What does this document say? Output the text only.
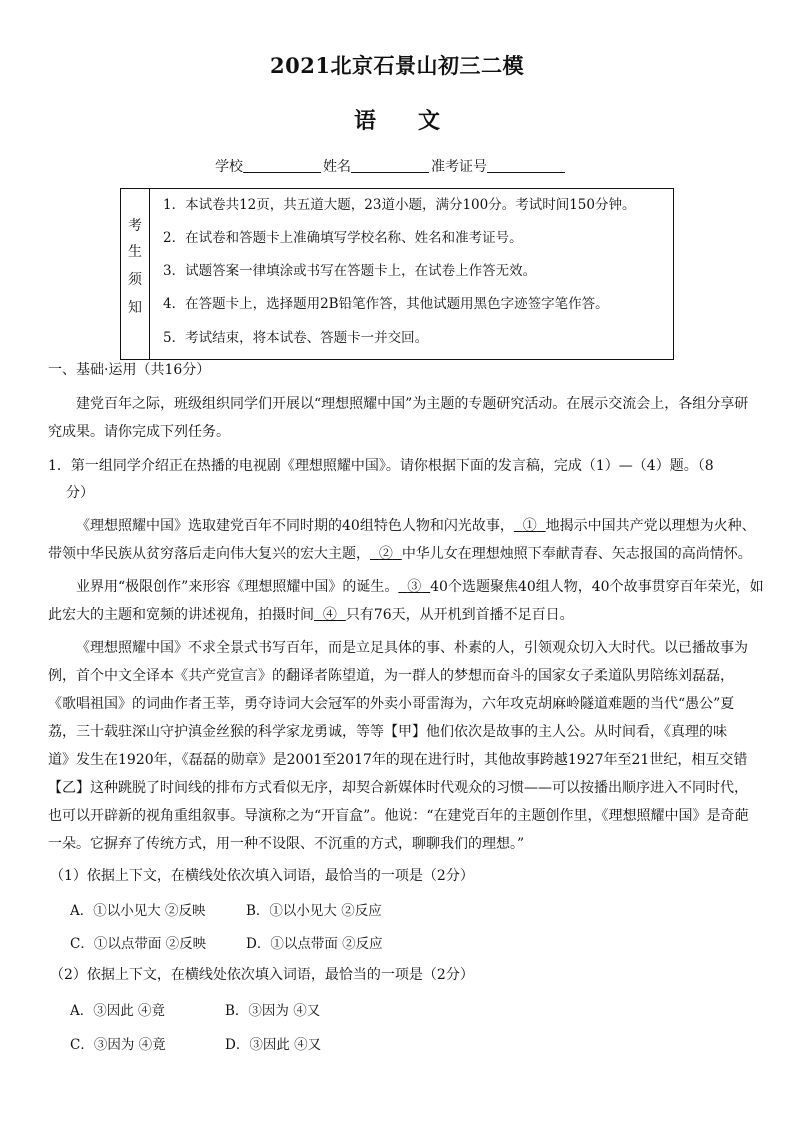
2021北京石景山初三二模
语 文
学校	姓名	准考证号
考
生
须
知
1．本试卷共12页，共五道大题，23道小题，满分100分。考试时间150分钟。
2．在试卷和答题卡上准确填写学校名称、姓名和准考证号。
3．试题答案一律填涂或书写在答题卡上，在试卷上作答无效。
4．在答题卡上，选择题用2B铅笔作答，其他试题用黑色字迹签字笔作答。
5．考试结束，将本试卷、答题卡一并交回。
一、基础·运用（共16分）
建党百年之际，班级组织同学们开展以“理想照耀中国”为主题的专题研究活动。在展示交流会上，各组分享研
究成果。请你完成下列任务。
1．第一组同学介绍正在热播的电视剧《理想照耀中国》。请你根据下面的发言稿，完成（1）—（4）题。（8
分）
《理想照耀中国》选取建党百年不同时期的40组特色人物和闪光故事， ① 地揭示中国共产党以理想为火种、
带领中华民族从贫穷落后走向伟大复兴的宏大主题， ② 中华儿女在理想烛照下奉献青春、矢志报国的高尚情怀。
业界用“极限创作”来形容《理想照耀中国》的诞生。 ③ 40个选题聚焦40组人物，40个故事贯穿百年荣光，如
此宏大的主题和宽频的讲述视角，拍摄时间 ④ 只有76天，从开机到首播不足百日。
《理想照耀中国》不求全景式书写百年，而是立足具体的事、朴素的人，引领观众切入大时代。以已播故事为
例，首个中文全译本《共产党宣言》的翻译者陈望道，为一群人的梦想而奋斗的国家女子柔道队男陪练刘磊磊，
《歌唱祖国》的词曲作者王莘，勇夺诗词大会冠军的外卖小哥雷海为，六年攻克胡麻岭隧道难题的当代“愚公”夏
荔，三十载驻深山守护滇金丝猴的科学家龙勇诚，等等【甲】他们依次是故事的主人公。从时间看，《真理的味
道》发生在1920年，《磊磊的勋章》是2001至2017年的现在进行时，其他故事跨越1927年至21世纪，相互交错
【乙】这种跳脱了时间线的排布方式看似无序，却契合新媒体时代观众的习惯——可以按播出顺序进入不同时代，
也可以开辟新的视角重组叙事。导演称之为“开盲盒”。他说：“在建党百年的主题创作里，《理想照耀中国》是奇葩
一朵。它摒弃了传统方式，用一种不设限、不沉重的方式，聊聊我们的理想。”
（1）依据上下文，在横线处依次填入词语，最恰当的一项是（2分）
A．①以小见大 ②反映	B．①以小见大 ②反应
C．①以点带面 ②反映	D．①以点带面 ②反应
（2）依据上下文，在横线处依次填入词语，最恰当的一项是（2分）
A．③因此 ④竟	B．③因为 ④又
C．③因为 ④竟	D．③因此 ④又
